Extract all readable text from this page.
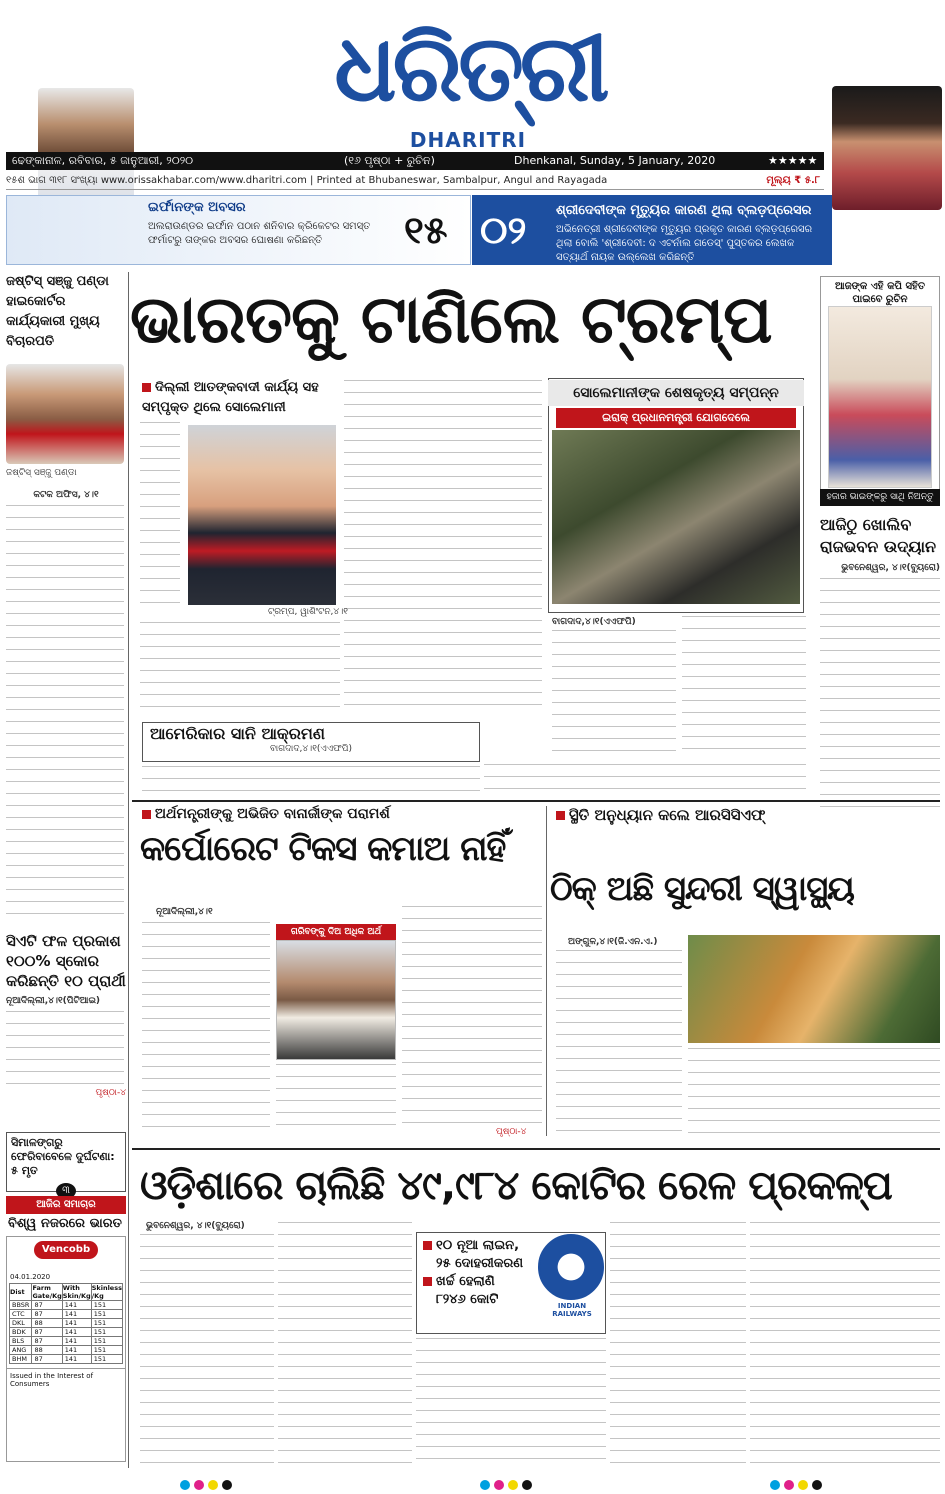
ଧରିତ୍ରୀ
DHARITRI
ଢେଙ୍କାନାଳ, ରବିବାର, ୫ ଜାନୁଆରୀ, ୨୦୨୦	(୧୬ ପୃଷ୍ଠା + ରୁଚିନ)	Dhenkanal, Sunday, 5 January, 2020	★★★★★
୧୫ଶ ଭାଗ ୩୧୮ ସଂଖ୍ୟା www.orissakhabar.com/www.dharitri.com | Printed at Bhubaneswar, Sambalpur, Angul and Rayagada	ମୂଲ୍ୟ ₹ ୫.୮
ଇର୍ଫାନଙ୍କ ଅବସର
ଅଲରାଉଣ୍ଡର ଇର୍ଫାନ ପଠାନ ଶନିବାର କ୍ରିକେଟର ସମସ୍ତ ଫର୍ମାଟରୁ ତାଙ୍କର ଅବସର ଘୋଷଣା କରିଛନ୍ତି	୧୫ ୦୨ ଶ୍ରୀଦେବୀଙ୍କ ମୃତ୍ୟୁର କାରଣ ଥିଲା ବ୍ଲଡ଼ପ୍ରେସର
ଅଭିନେତ୍ରୀ ଶ୍ରୀଦେବୀଙ୍କ ମୃତ୍ୟୁର ପ୍ରକୃତ କାରଣ ବ୍ଲଡ଼ପ୍ରେସର ଥିଲା ବୋଲି 'ଶ୍ରୀଦେବୀ: ଦ ଏଟର୍ନାଲ ଗଡେସ୍' ପୁସ୍ତକର ଲେଖକ ସତ୍ୟାର୍ଥ ନାୟକ ଉଲ୍ଲେଖ କରିଛନ୍ତି
ଜଷ୍ଟିସ୍ ସଞ୍ଜୁ ପଣ୍ଡା ହାଇକୋର୍ଟର କାର୍ଯ୍ୟକାରୀ ମୁଖ୍ୟ ବିଚାରପତି
ଜଷ୍ଟିସ୍ ସଞ୍ଜୁ ପଣ୍ଡା
କଟକ ଅଫିସ, ୪।୧
ସିଏଟି ଫଳ ପ୍ରକାଶ ୧୦୦% ସ୍କୋର କରିଛନ୍ତି ୧୦ ପ୍ରାର୍ଥୀ
ନୂଆଦିଲ୍ଲୀ,୪।୧(ପିଟିଆଇ)
ପୃଷ୍ଠା-୪
ସିମାଳଙ୍ଗରୁ ଫେରିବାବେଳେ ଦୁର୍ଘଟଣା: ୫ ମୃତ
୩
ଆଜିର ସମାଚାର
ବିଶ୍ୱ ନଜରରେ ଭାରତ
Vencobb
04.01.2020
Dist	Farm Gate/Kg	With Skin/Kg	Skinless /Kg
BBSR	87	141	151
CTC	87	141	151
DKL	88	141	151
BDK	87	141	151
BLS	87	141	151
ANG	88	141	151
BHM	87	141	151
Issued in the Interest of Consumers
ଭାରତକୁ ଟାଣିଲେ ଟ୍ରମ୍ପ
ଦିଲ୍ଲୀ ଆତଙ୍କବାଦୀ କାର୍ଯ୍ୟ ସହ ସମ୍ପୃକ୍ତ ଥିଲେ ସୋଲେମାନୀ
ଟ୍ରମ୍ପ, ୱାଶିଂଟନ,୪।୧
ଆମେରିକାର ସାନି ଆକ୍ରମଣ
ବାଗଦାଦ,୪।୧(ଏଏଫପି)
ସୋଲେମାନୀଙ୍କ ଶେଷକୃତ୍ୟ ସମ୍ପନ୍ନ
ଇରାକ୍ ପ୍ରଧାନମନ୍ତ୍ରୀ ଯୋଗଦେଲେ
ବାଗଦାଦ,୪।୧(ଏଏଫପି)
ଆଜଙ୍କ ଏହି କପି ସହିତ ପାଇବେ ରୁଚିନ
ହଜାର ଭାଇଙ୍କରୁ ସାଥି ନିଅନ୍ତୁ
ଆଜିଠୁ ଖୋଲିବ ରାଜଭବନ ଉଦ୍ୟାନ
ଭୁବନେଶ୍ୱର, ୪।୧(ବ୍ୟୁରୋ)
ଅର୍ଥମନ୍ତ୍ରୀଙ୍କୁ ଅଭିଜିତ ବାନାର୍ଜୀଙ୍କ ପରାମର୍ଶ
କର୍ପୋରେଟ ଟିକସ କମାଅ ନାହିଁ
ନୂଆଦିଲ୍ଲୀ,୪।୧
ଗରିବଙ୍କୁ ଦିଅ ଅଧିକ ଅର୍ଥ
ପୃଷ୍ଠା-୪
ସ୍ଥିତି ଅନୁଧ୍ୟାନ କଲେ ଆରସିସିଏଫ୍
ଠିକ୍ ଅଛି ସୁନ୍ଦରୀ ସ୍ୱାସ୍ଥ୍ୟ
ଅଙ୍ଗୁଳ,୪।୧(ଜି.ଏନ.ଏ.)
ଓଡ଼ିଶାରେ ଚାଲିଛି ୪୯,୯୮୪ କୋଟିର ରେଳ ପ୍ରକଳ୍ପ
ଭୁବନେଶ୍ୱର, ୪।୧(ବ୍ୟୁରୋ)
୧୦ ନୂଆ ଲାଇନ,
୨୫ ଦୋହରୀକରଣ
ଖର୍ଚ୍ଚ ହେଲାଣି
୮୨୪୬ କୋଟି	INDIAN RAILWAYS
